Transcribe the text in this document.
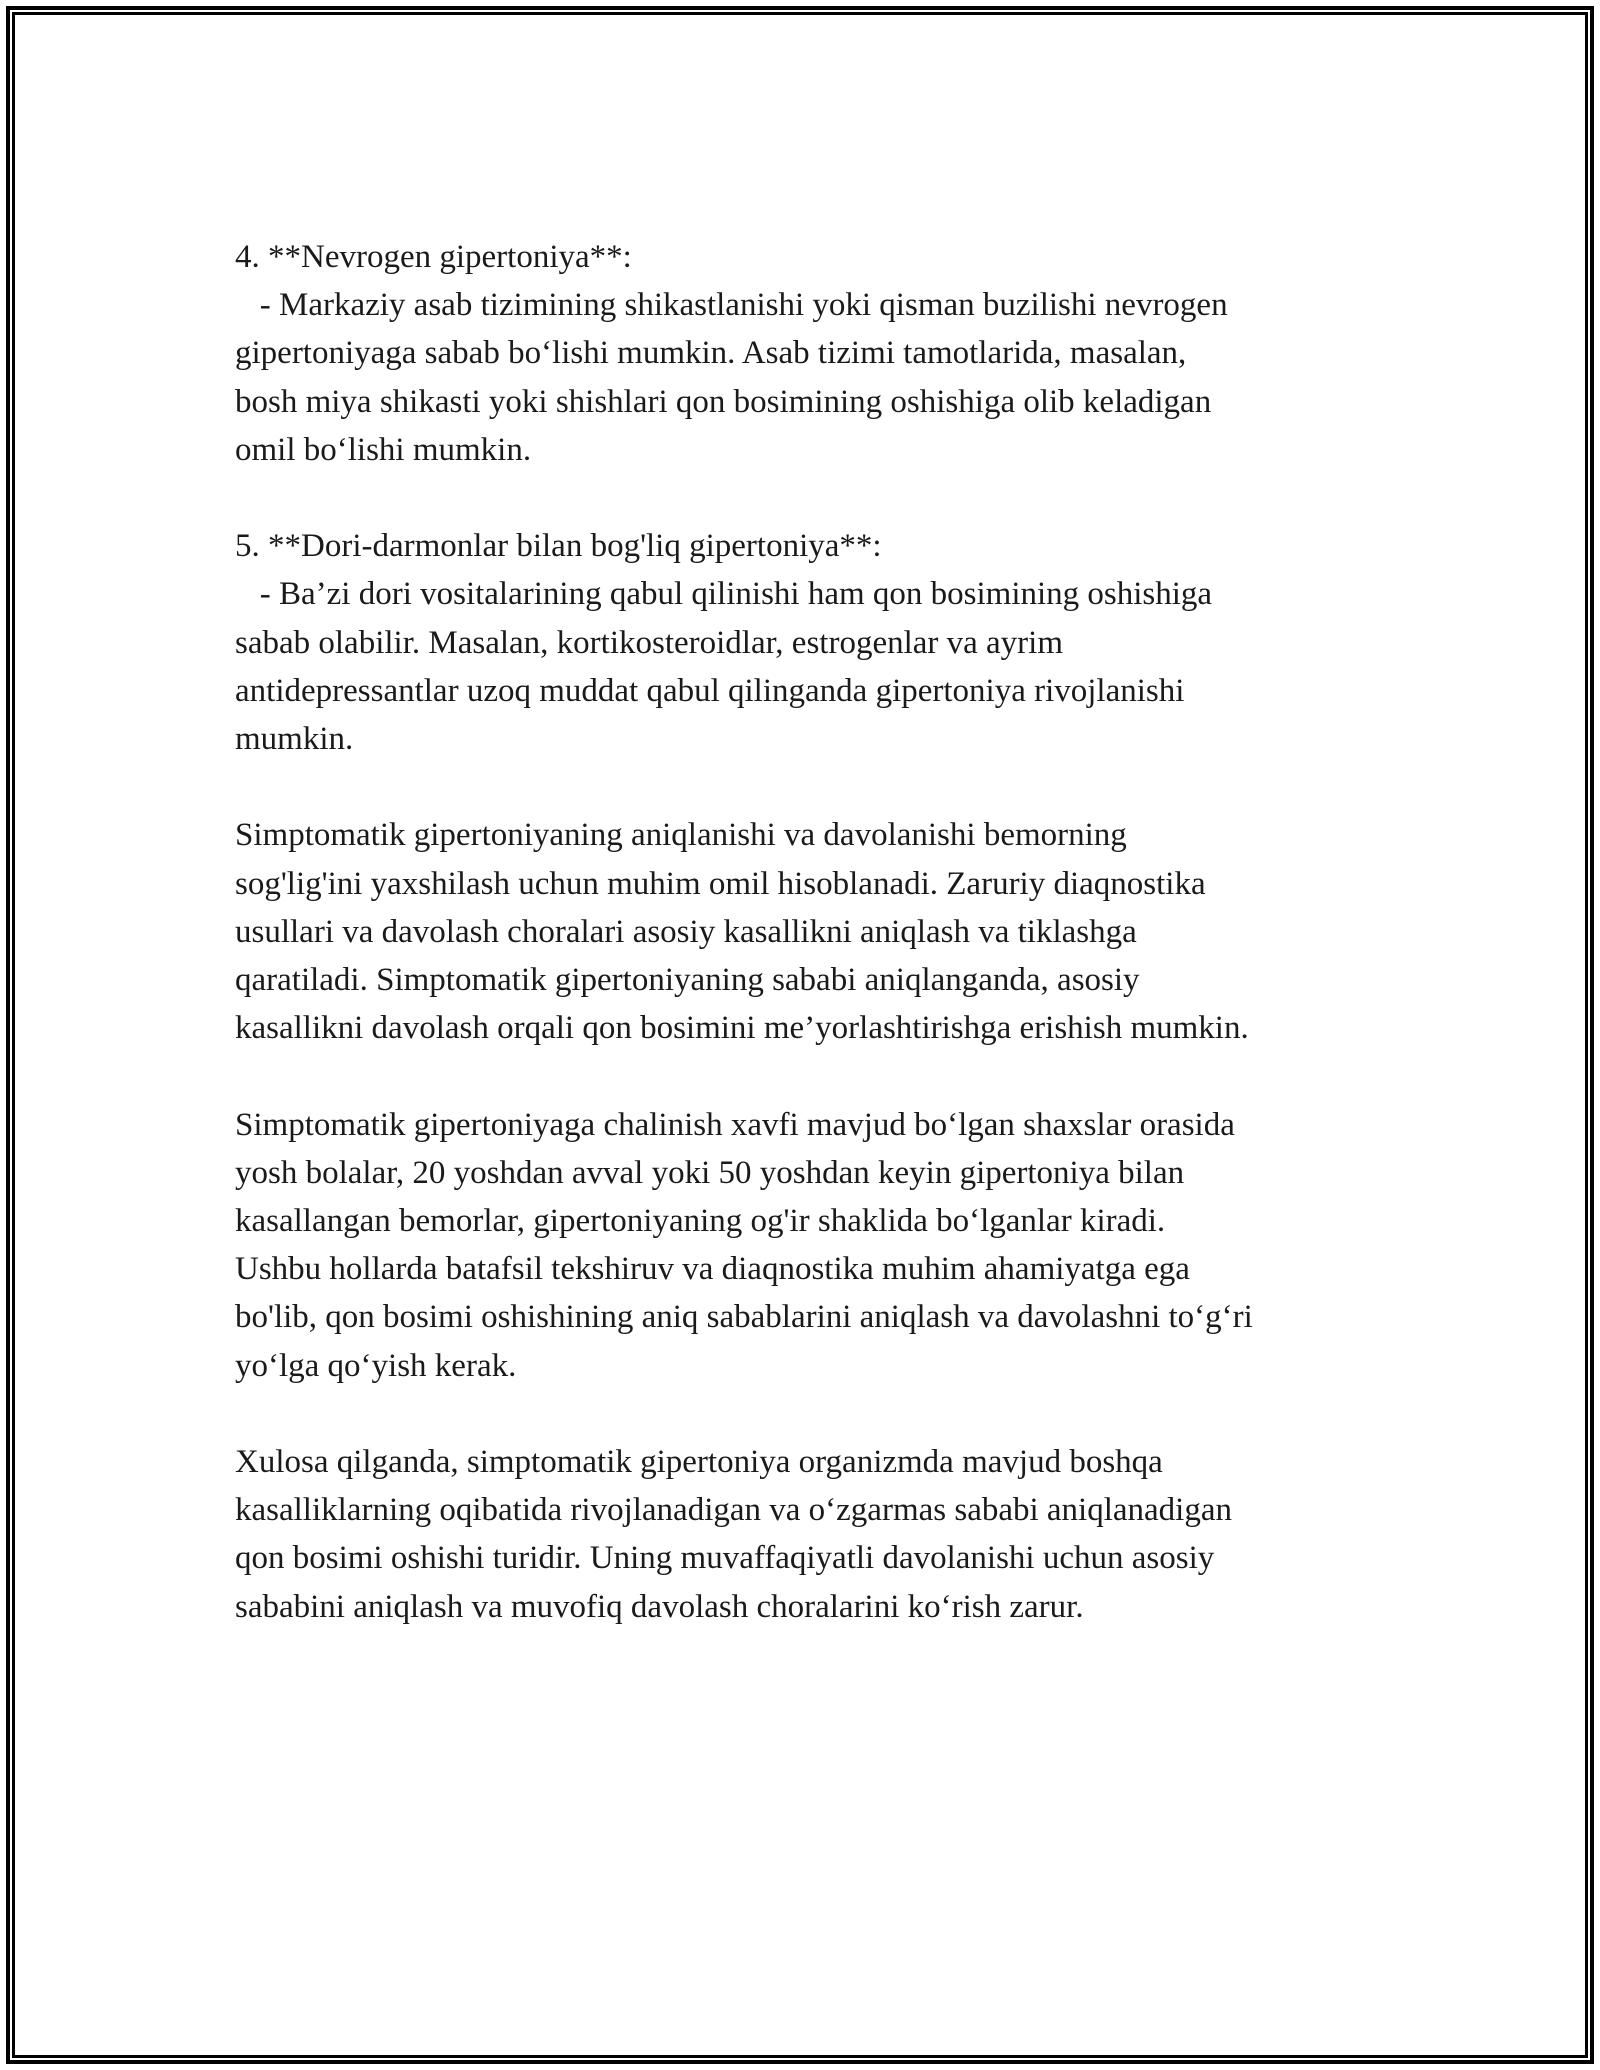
4. **Nevrogen gipertoniya**:
- Markaziy asab tizimining shikastlanishi yoki qisman buzilishi nevrogen
gipertoniyaga sabab bo‘lishi mumkin. Asab tizimi tamotlarida, masalan,
bosh miya shikasti yoki shishlari qon bosimining oshishiga olib keladigan
omil bo‘lishi mumkin.
5. **Dori-darmonlar bilan bog'liq gipertoniya**:
- Ba’zi dori vositalarining qabul qilinishi ham qon bosimining oshishiga
sabab olabilir. Masalan, kortikosteroidlar, estrogenlar va ayrim
antidepressantlar uzoq muddat qabul qilinganda gipertoniya rivojlanishi
mumkin.
Simptomatik gipertoniyaning aniqlanishi va davolanishi bemorning
sog'lig'ini yaxshilash uchun muhim omil hisoblanadi. Zaruriy diaqnostika
usullari va davolash choralari asosiy kasallikni aniqlash va tiklashga
qaratiladi. Simptomatik gipertoniyaning sababi aniqlanganda, asosiy
kasallikni davolash orqali qon bosimini me’yorlashtirishga erishish mumkin.
Simptomatik gipertoniyaga chalinish xavfi mavjud bo‘lgan shaxslar orasida
yosh bolalar, 20 yoshdan avval yoki 50 yoshdan keyin gipertoniya bilan
kasallangan bemorlar, gipertoniyaning og'ir shaklida bo‘lganlar kiradi.
Ushbu hollarda batafsil tekshiruv va diaqnostika muhim ahamiyatga ega
bo'lib, qon bosimi oshishining aniq sabablarini aniqlash va davolashni to‘g‘ri
yo‘lga qo‘yish kerak.
Xulosa qilganda, simptomatik gipertoniya organizmda mavjud boshqa
kasalliklarning oqibatida rivojlanadigan va o‘zgarmas sababi aniqlanadigan
qon bosimi oshishi turidir. Uning muvaffaqiyatli davolanishi uchun asosiy
sababini aniqlash va muvofiq davolash choralarini ko‘rish zarur.
